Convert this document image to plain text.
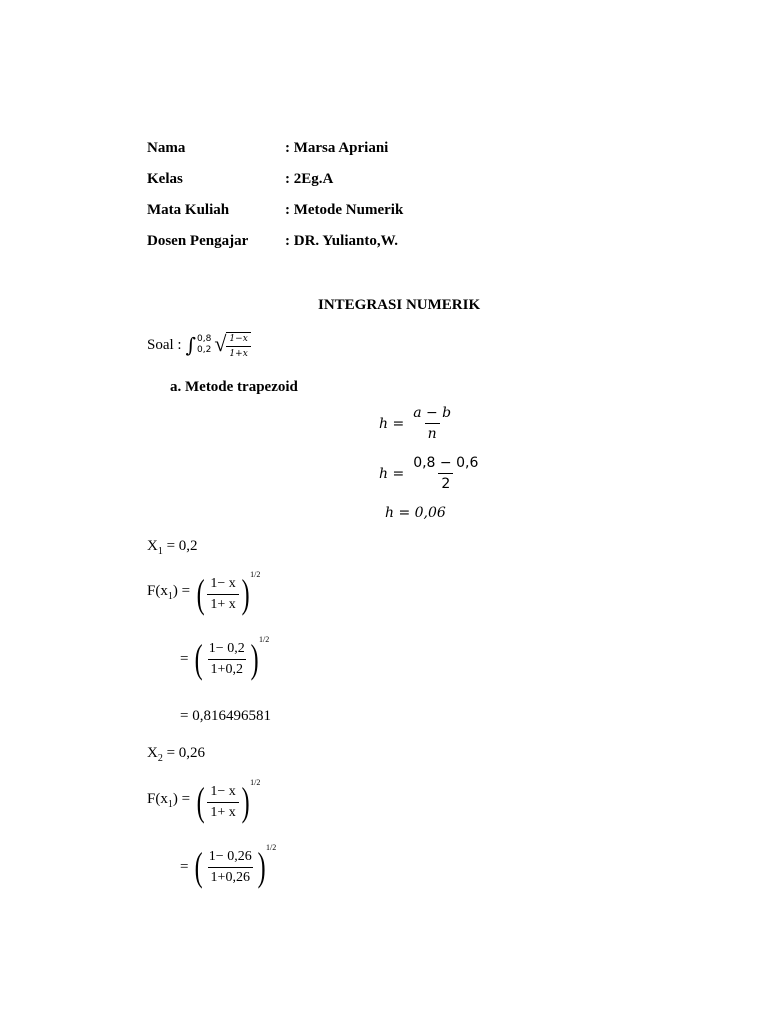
Nama	: Marsa Apriani
Kelas	: 2Eg.A
Mata Kuliah	: Metode Numerik
Dosen Pengajar : DR. Yulianto,W.
INTEGRASI NUMERIK
Soal : ∫ 0,8
0,2 √ $\frac{1-x}{1+x}$
a. Metode trapezoid
$h = \frac{a - b}{n}$
$h = \frac{0,8 - 0,6}{2}$
h = 0,06
$X_1 = 0,2$
$F(x_1)$ = ( $\frac{1- x}{1+ x}$ ) 1/2
= ( $\frac{1- 0,2}{1+0,2}$ ) 1/2
= 0,816496581
$X_2 = 0,26$
$F(x_1)$ = ( $\frac{1- x}{1+ x}$ ) 1/2
= ( $\frac{1- 0,26}{1+0,26}$ ) 1/2
